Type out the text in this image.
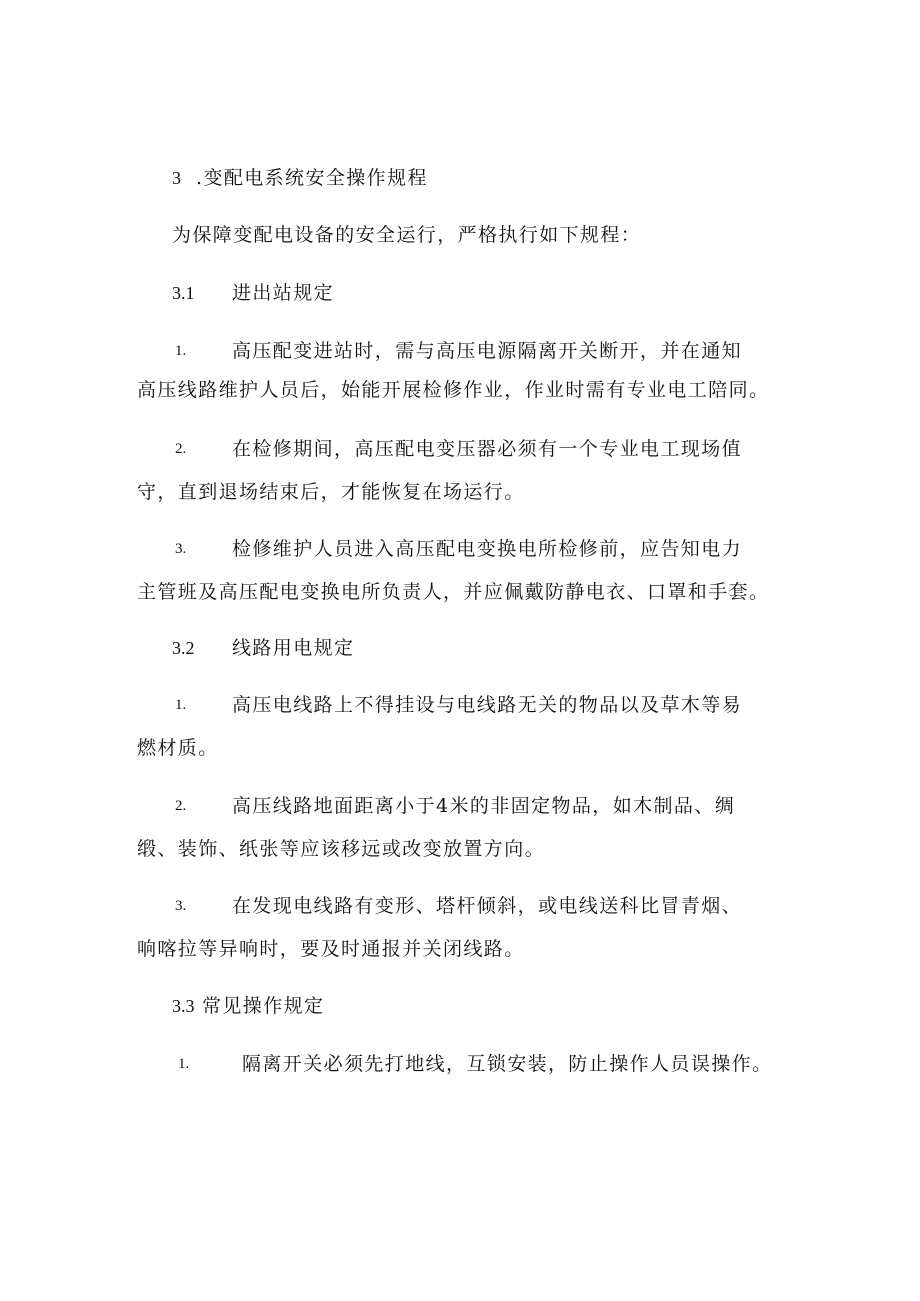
3 .变配电系统安全操作规程
为保障变配电设备的安全运行，严格执行如下规程：
3.1 进出站规定
1. 高压配变进站时，需与高压电源隔离开关断开，并在通知
高压线路维护人员后，始能开展检修作业，作业时需有专业电工陪同。
2. 在检修期间，高压配电变压器必须有一个专业电工现场值
守，直到退场结束后，才能恢复在场运行。
3. 检修维护人员进入高压配电变换电所检修前，应告知电力
主管班及高压配电变换电所负责人，并应佩戴防静电衣、口罩和手套。
3.2 线路用电规定
1. 高压电线路上不得挂设与电线路无关的物品以及草木等易
燃材质。
2. 高压线路地面距离小于4米的非固定物品，如木制品、绸
缎、装饰、纸张等应该移远或改变放置方向。
3. 在发现电线路有变形、塔杆倾斜，或电线送科比冒青烟、
响喀拉等异响时，要及时通报并关闭线路。
3.3 常见操作规定
1.	隔离开关必须先打地线，互锁安装，防止操作人员误操作。
